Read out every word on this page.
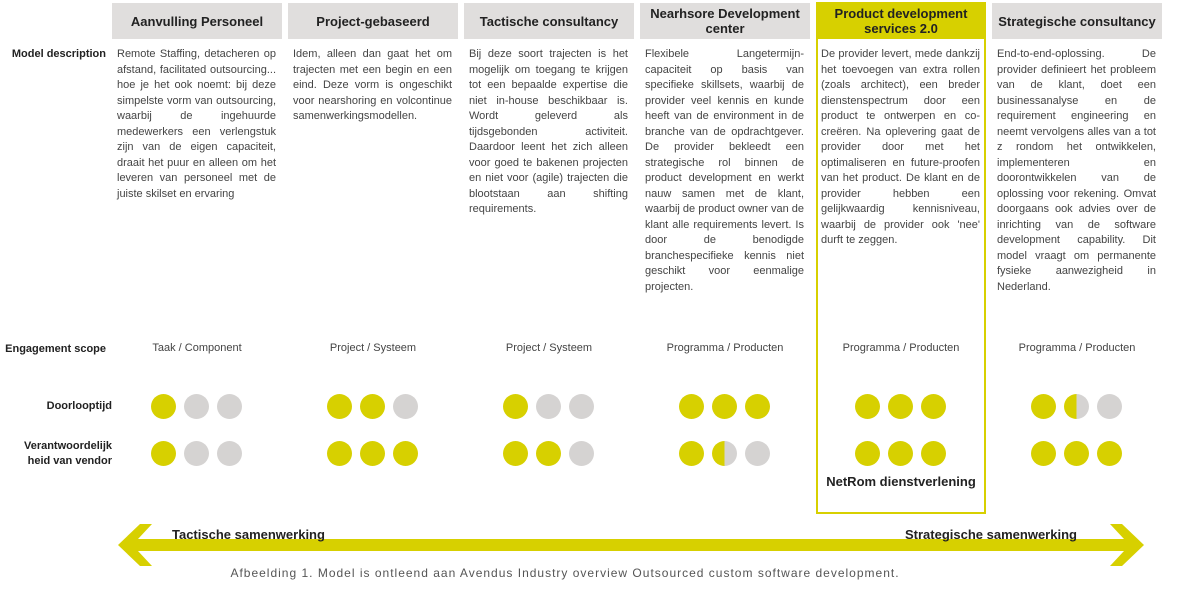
Model description
Engagement scope
Doorlooptijd
Verantwoordelijk heid van vendor
Aanvulling Personeel
Remote Staffing, detacheren op afstand, facilitated outsourcing... hoe je het ook noemt: bij deze simpelste vorm van outsourcing, waarbij de ingehuurde medewerkers een verlengstuk zijn van de eigen capaciteit, draait het puur en alleen om het leveren van personeel met de juiste skilset en ervaring
Taak / Component
Project-gebaseerd
Idem, alleen dan gaat het om trajecten met een begin en een eind. Deze vorm is ongeschikt voor nearshoring en volcontinue samenwerkingsmodellen.
Project / Systeem
Tactische consultancy
Bij deze soort trajecten is het mogelijk om toegang te krijgen tot een bepaalde expertise die niet in-house beschikbaar is. Wordt geleverd als tijdsgebonden activiteit. Daardoor leent het zich alleen voor goed te bakenen projecten en niet voor (agile) trajecten die blootstaan aan shifting requirements.
Project / Systeem
Nearhsore Development center
Flexibele Langetermijn-capaciteit op basis van specifieke skillsets, waarbij de provider veel kennis en kunde heeft van de environment in de branche van de opdrachtgever. De provider bekleedt een strategische rol binnen de product development en werkt nauw samen met de klant, waarbij de product owner van de klant alle requirements levert. Is door de benodigde branchespecifieke kennis niet geschikt voor eenmalige projecten.
Programma / Producten
Product development services 2.0
De provider levert, mede dankzij het toevoegen van extra rollen (zoals architect), een breder dienstenspectrum door een product te ontwerpen en co-creëren. Na oplevering gaat de provider door met het optimaliseren en future-proofen van het product. De klant en de provider hebben een gelijkwaardig kennisniveau, waarbij de provider ook 'nee' durft te zeggen.
Programma / Producten
NetRom dienstverlening
Strategische consultancy
End-to-end-oplossing. De provider definieert het probleem van de klant, doet een businessanalyse en de requirement engineering en neemt vervolgens alles van a tot z rondom het ontwikkelen, implementeren en doorontwikkelen van de oplossing voor rekening. Omvat doorgaans ook advies over de inrichting van de software development capability. Dit model vraagt om permanente fysieke aanwezigheid in Nederland.
Programma / Producten
Tactische samenwerking	Strategische samenwerking
Afbeelding 1. Model is ontleend aan Avendus Industry overview Outsourced custom software development.
